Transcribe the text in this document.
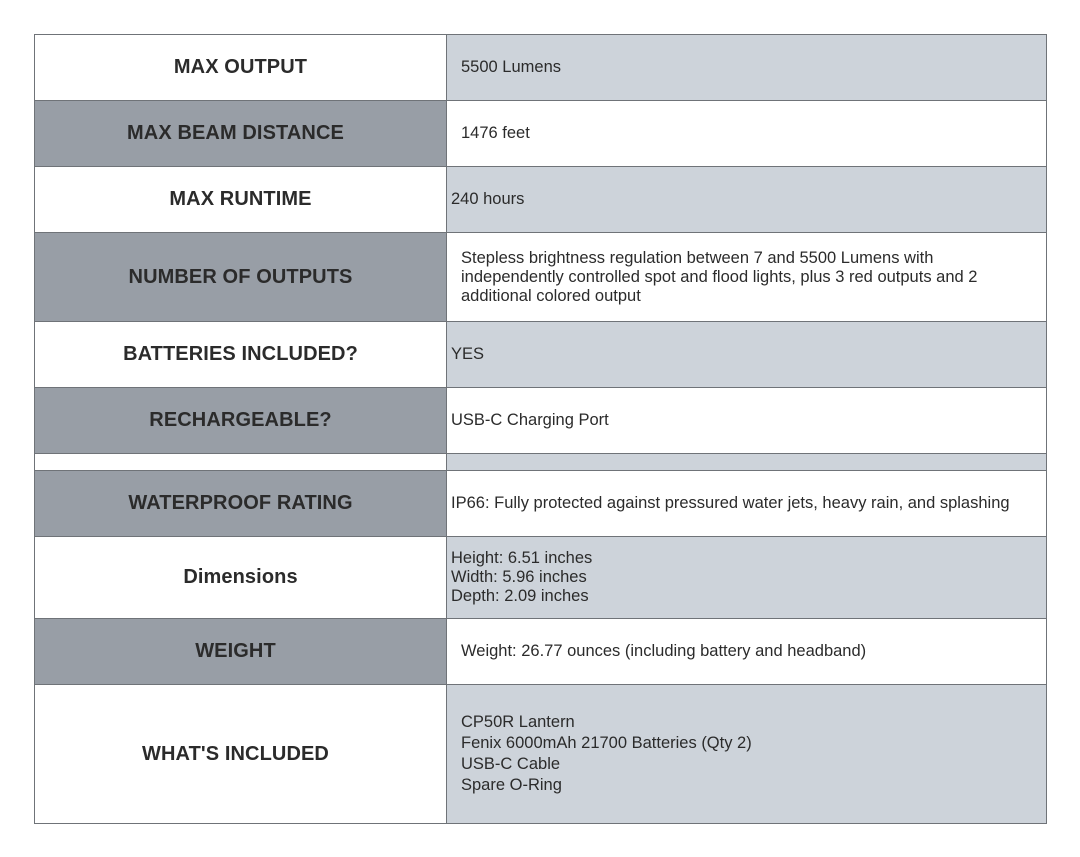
MAX OUTPUT	5500 Lumens

MAX BEAM DISTANCE	1476 feet

MAX RUNTIME	240 hours

NUMBER OF OUTPUTS	Stepless brightness regulation between 7 and 5500 Lumens with independently controlled spot and flood lights, plus 3 red outputs and 2 additional colored output

BATTERIES INCLUDED?	YES

RECHARGEABLE?	USB-C Charging Port

WATERPROOF RATING	IP66: Fully protected against pressured water jets, heavy rain, and splashing

Dimensions	Height: 6.51 inches
Width: 5.96 inches
Depth: 2.09 inches

WEIGHT	Weight: 26.77 ounces (including battery and headband)

WHAT'S INCLUDED	CP50R Lantern
Fenix 6000mAh 21700 Batteries (Qty 2)
USB-C Cable
Spare O-Ring
